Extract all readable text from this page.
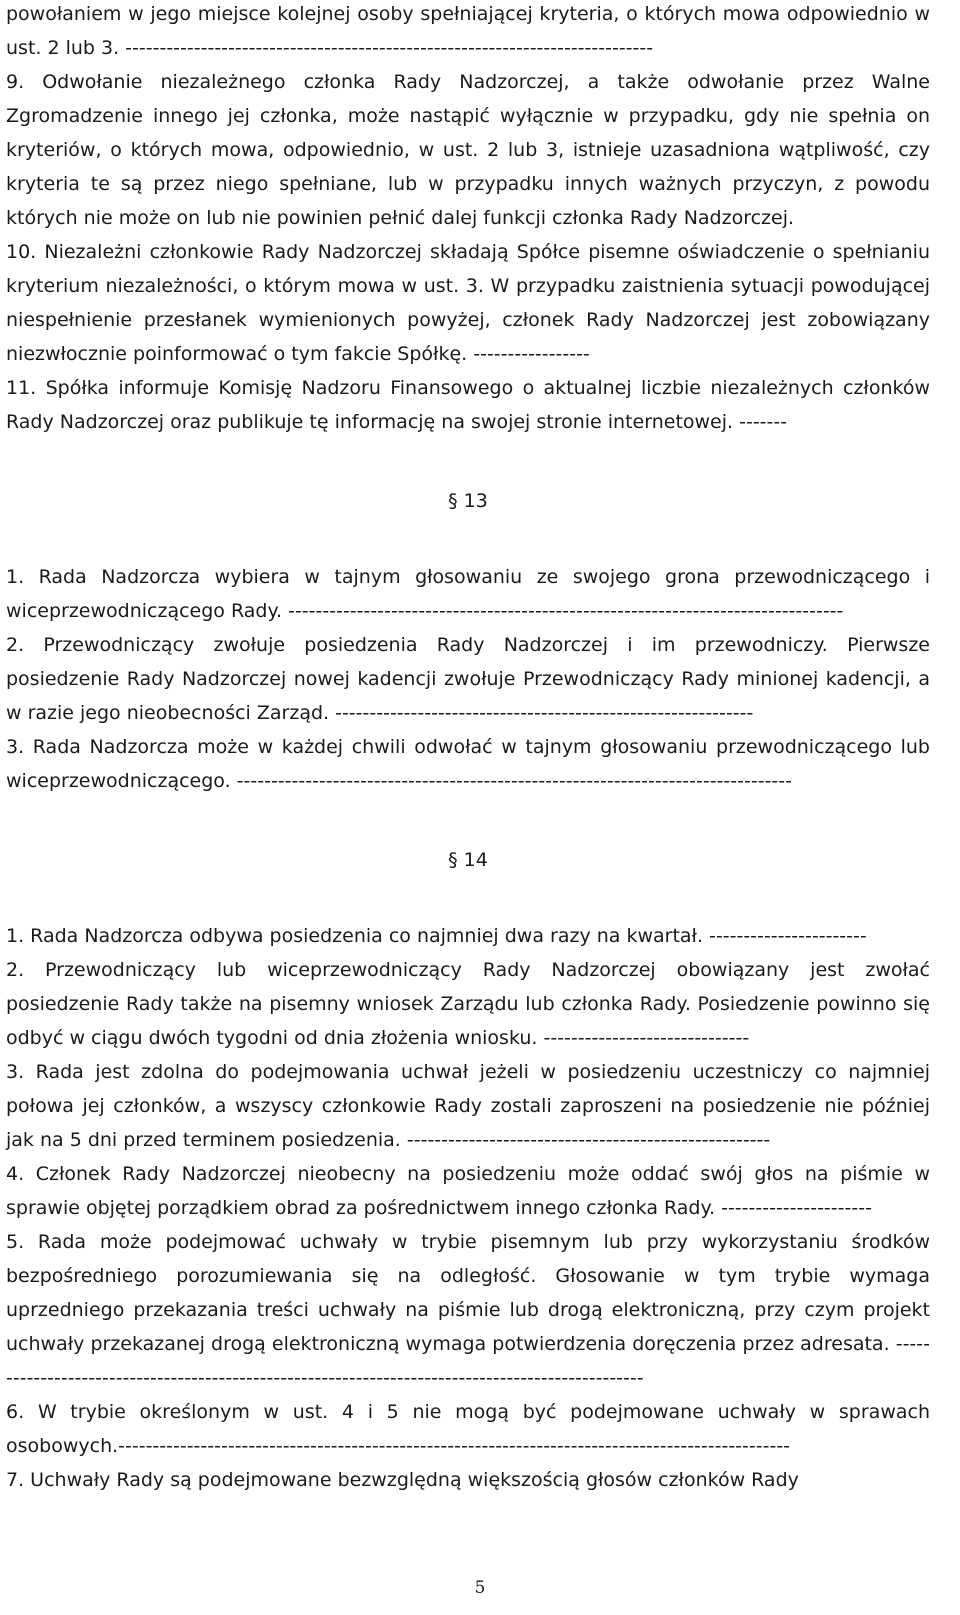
powołaniem w jego miejsce kolejnej osoby spełniającej kryteria, o których mowa odpowiednio w ust. 2 lub 3. -----------------------------------------------------------------------------

9. Odwołanie niezależnego członka Rady Nadzorczej, a także odwołanie przez Walne Zgromadzenie innego jej członka, może nastąpić wyłącznie w przypadku, gdy nie spełnia on kryteriów, o których mowa, odpowiednio, w ust. 2 lub 3, istnieje uzasadniona wątpliwość, czy kryteria te są przez niego spełniane, lub w przypadku innych ważnych przyczyn, z powodu których nie może on lub nie powinien pełnić dalej funkcji członka Rady Nadzorczej.

10. Niezależni członkowie Rady Nadzorczej składają Spółce pisemne oświadczenie o spełnianiu kryterium niezależności, o którym mowa w ust. 3. W przypadku zaistnienia sytuacji powodującej niespełnienie przesłanek wymienionych powyżej, członek Rady Nadzorczej jest zobowiązany niezwłocznie poinformować o tym fakcie Spółkę. -----------------

11. Spółka informuje Komisję Nadzoru Finansowego o aktualnej liczbie niezależnych członków Rady Nadzorczej oraz publikuje tę informację na swojej stronie internetowej. -------

§ 13

1. Rada Nadzorcza wybiera w tajnym głosowaniu ze swojego grona przewodniczącego i wiceprzewodniczącego Rady. ---------------------------------------------------------------------------------

2. Przewodniczący zwołuje posiedzenia Rady Nadzorczej i im przewodniczy. Pierwsze posiedzenie Rady Nadzorczej nowej kadencji zwołuje Przewodniczący Rady minionej kadencji, a w razie jego nieobecności Zarząd. -------------------------------------------------------------

3. Rada Nadzorcza może w każdej chwili odwołać w tajnym głosowaniu przewodniczącego lub wiceprzewodniczącego. ---------------------------------------------------------------------------------

§ 14

1. Rada Nadzorcza odbywa posiedzenia co najmniej dwa razy na kwartał. -----------------------

2. Przewodniczący lub wiceprzewodniczący Rady Nadzorczej obowiązany jest zwołać posiedzenie Rady także na pisemny wniosek Zarządu lub członka Rady. Posiedzenie powinno się odbyć w ciągu dwóch tygodni od dnia złożenia wniosku. ------------------------------

3. Rada jest zdolna do podejmowania uchwał jeżeli w posiedzeniu uczestniczy co najmniej połowa jej członków, a wszyscy członkowie Rady zostali zaproszeni na posiedzenie nie później jak na 5 dni przed terminem posiedzenia. -----------------------------------------------------

4. Członek Rady Nadzorczej nieobecny na posiedzeniu może oddać swój głos na piśmie w sprawie objętej porządkiem obrad za pośrednictwem innego członka Rady. ----------------------

5. Rada może podejmować uchwały w trybie pisemnym lub przy wykorzystaniu środków bezpośredniego porozumiewania się na odległość. Głosowanie w tym trybie wymaga uprzedniego przekazania treści uchwały na piśmie lub drogą elektroniczną, przy czym projekt uchwały przekazanej drogą elektroniczną wymaga potwierdzenia doręczenia przez adresata. --------------------------------------------------------------------------------------------------

6. W trybie określonym w ust. 4 i 5 nie mogą być podejmowane uchwały w sprawach osobowych.--------------------------------------------------------------------------------------------------

7. Uchwały Rady są podejmowane bezwzględną większością głosów członków Rady

5
